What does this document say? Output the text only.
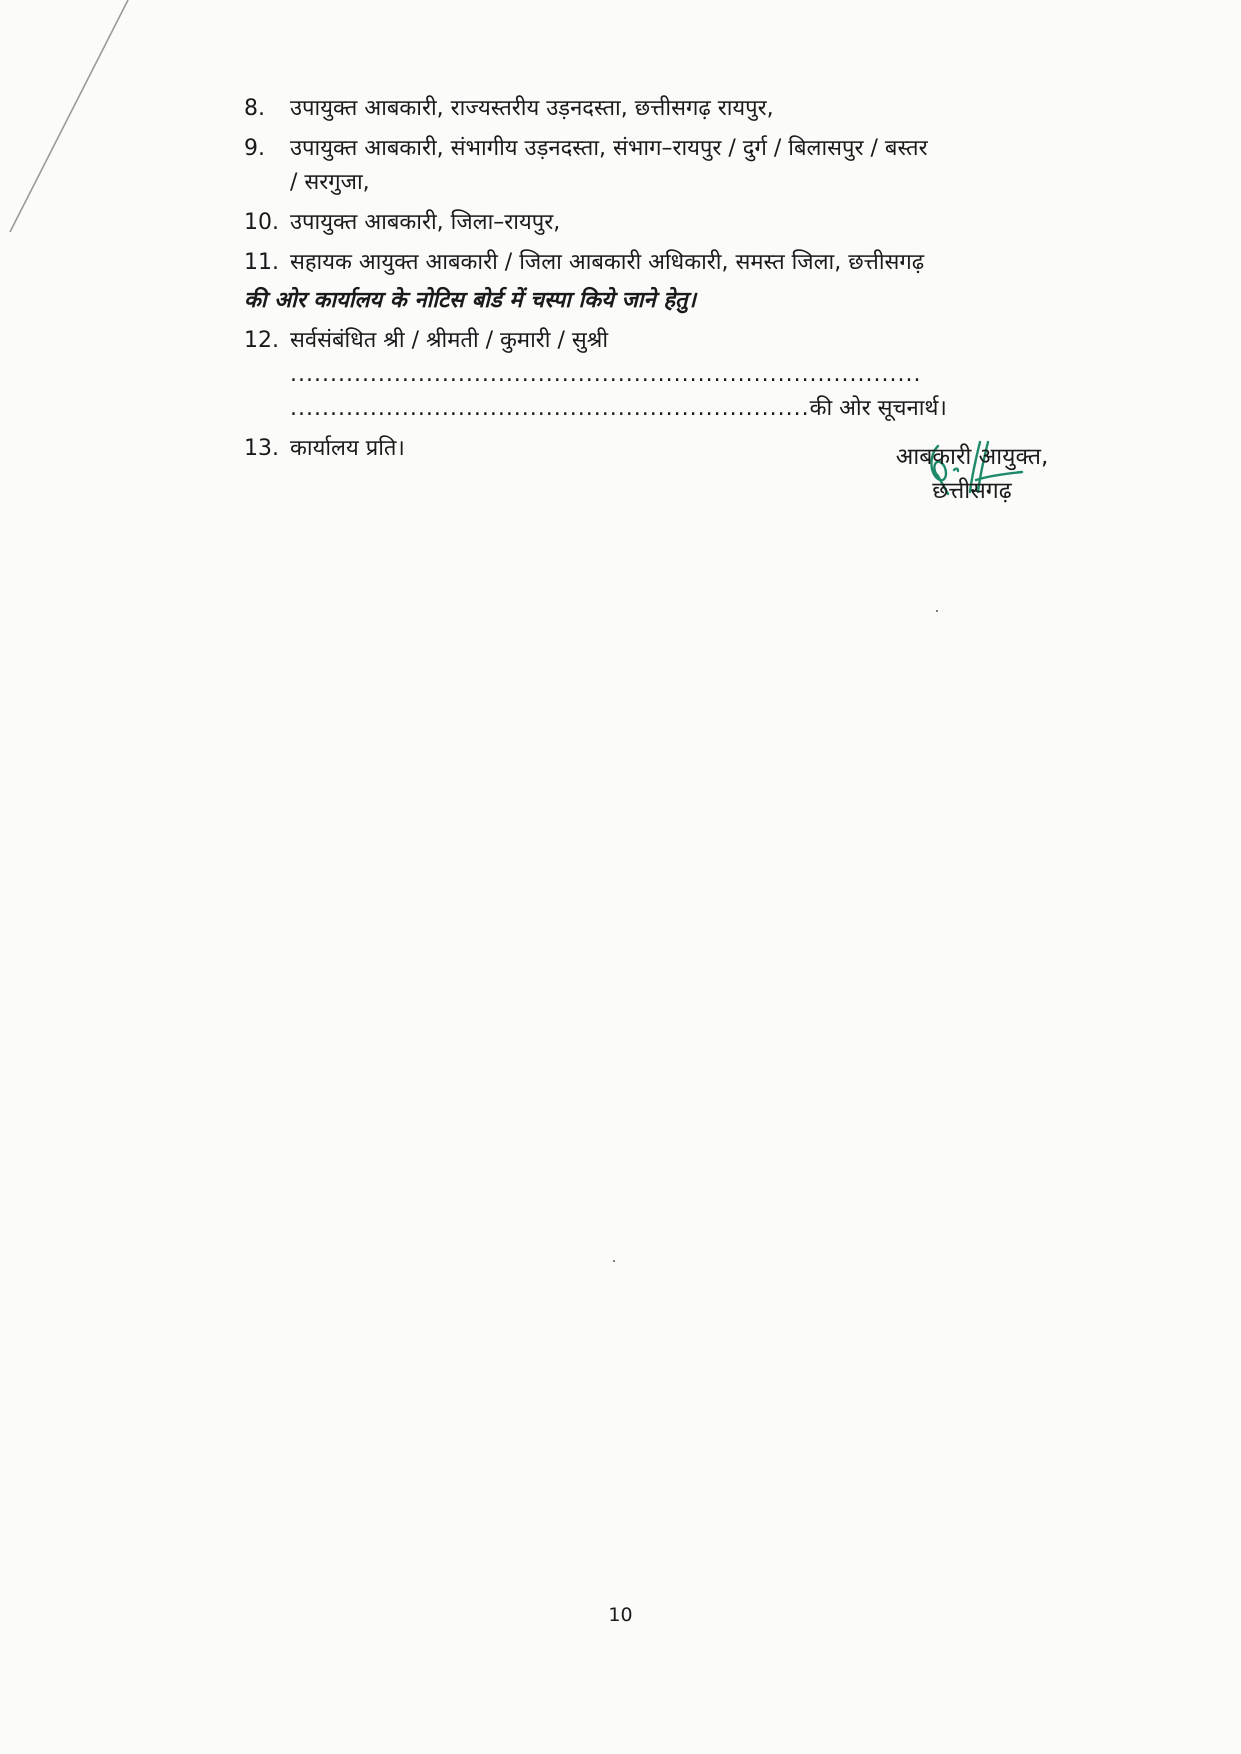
8.	उपायुक्त आबकारी, राज्यस्तरीय उड़नदस्ता, छत्तीसगढ़ रायपुर,
9.	उपायुक्त आबकारी, संभागीय उड़नदस्ता, संभाग–रायपुर / दुर्ग / बिलासपुर / बस्तर
/ सरगुजा,
10. उपायुक्त आबकारी, जिला–रायपुर,
11. सहायक आयुक्त आबकारी / जिला आबकारी अधिकारी, समस्त जिला, छत्तीसगढ़
की ओर कार्यालय के नोटिस बोर्ड में चस्पा किये जाने हेतु।
12. सर्वसंबंधित श्री / श्रीमती / कुमारी / सुश्री...............................................................................
.................................................................की ओर सूचनार्थ।
13. कार्यालय प्रति।	आबकारी आयुक्त,
छत्तीसगढ़
10
